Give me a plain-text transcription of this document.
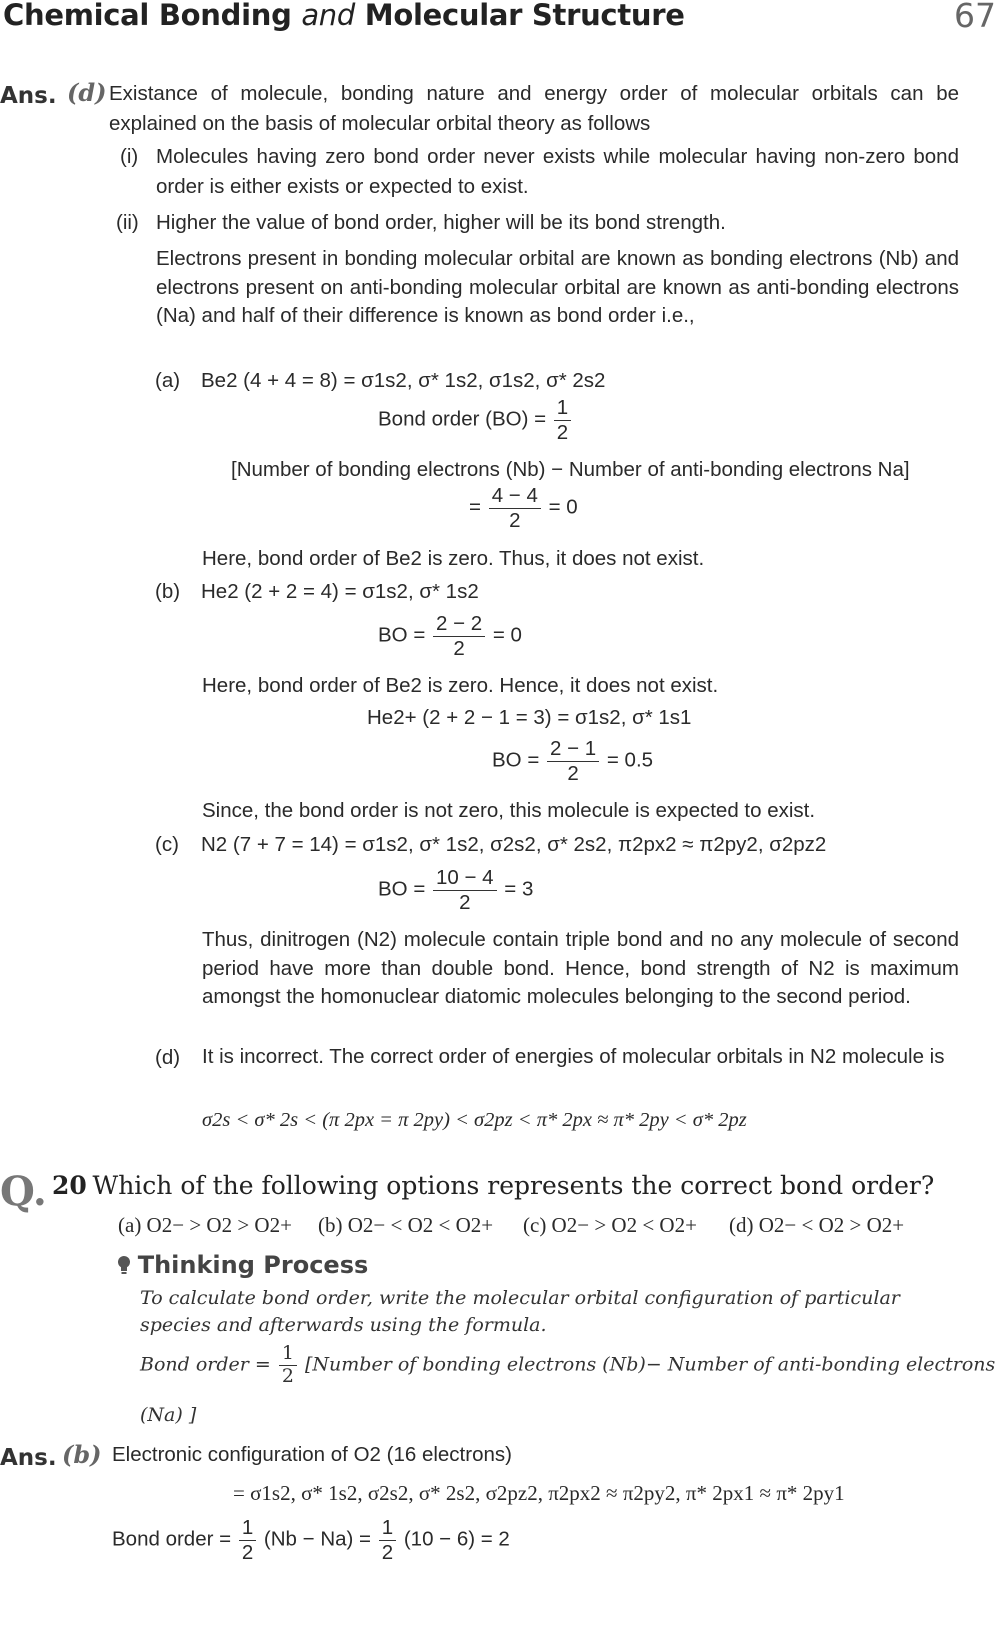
Chemical Bonding and Molecular Structure	67
Ans. (d) Existance of molecule, bonding nature and energy order of molecular orbitals can be explained on the basis of molecular orbital theory as follows
(i) Molecules having zero bond order never exists while molecular having non-zero bond order is either exists or expected to exist.
(ii) Higher the value of bond order, higher will be its bond strength.
Electrons present in bonding molecular orbital are known as bonding electrons (Nb) and electrons present on anti-bonding molecular orbital are known as anti-bonding electrons (Na) and half of their difference is known as bond order i.e.,
(a) Be2 (4 + 4 = 8) = σ1s2, σ* 1s2, σ1s2, σ* 2s2
Bond order $(BO) = \frac{1}{2}$
[Number of bonding electrons (Nb) − Number of anti-bonding electrons Na]
= $\frac{4 - 4}{2} = 0$
Here, bond order of Be2 is zero. Thus, it does not exist.
(b) He2 (2 + 2 = 4) = σ1s2, σ* 1s2
BO = $\frac{2 - 2}{2} = 0$
Here, bond order of Be2 is zero. Hence, it does not exist.
He2+ (2 + 2 − 1 = 3) = σ1s2, σ* 1s1
BO = $\frac{2 - 1}{2} = 0.5$
Since, the bond order is not zero, this molecule is expected to exist.
(c) N2 (7 + 7 = 14) = σ1s2, σ* 1s2, σ2s2, σ* 2s2, π2px2 ≈ π2py2, σ2pz2
BO = $\frac{10 - 4}{2} = 3$
Thus, dinitrogen (N2) molecule contain triple bond and no any molecule of second period have more than double bond. Hence, bond strength of N2 is maximum amongst the homonuclear diatomic molecules belonging to the second period.
(d) It is incorrect. The correct order of energies of molecular orbitals in N2 molecule is
σ2s < σ* 2s < (π 2px = π 2py) < σ2pz < π* 2px ≈ π* 2py < σ* 2pz
Q. 20 Which of the following options represents the correct bond order?
(a) O2− > O2 > O2+ (b) O2− < O2 < O2+ (c) O2− > O2 < O2+ (d) O2− < O2 > O2+
Thinking Process
To calculate bond order, write the molecular orbital configuration of particular species and afterwards using the formula.
Bond order = $\frac{1}{2}$ [Number of bonding electrons (Nb)− Number of anti-bonding electrons
(Na) ]
Ans. (b) Electronic configuration of O2 (16 electrons)
= σ1s2, σ* 1s2, σ2s2, σ* 2s2, σ2pz2, π2px2 ≈ π2py2, π* 2px1 ≈ π* 2py1
Bond order = $\frac{1}{2} (Nb - Na) = \frac{1}{2} (10 - 6) = 2$
